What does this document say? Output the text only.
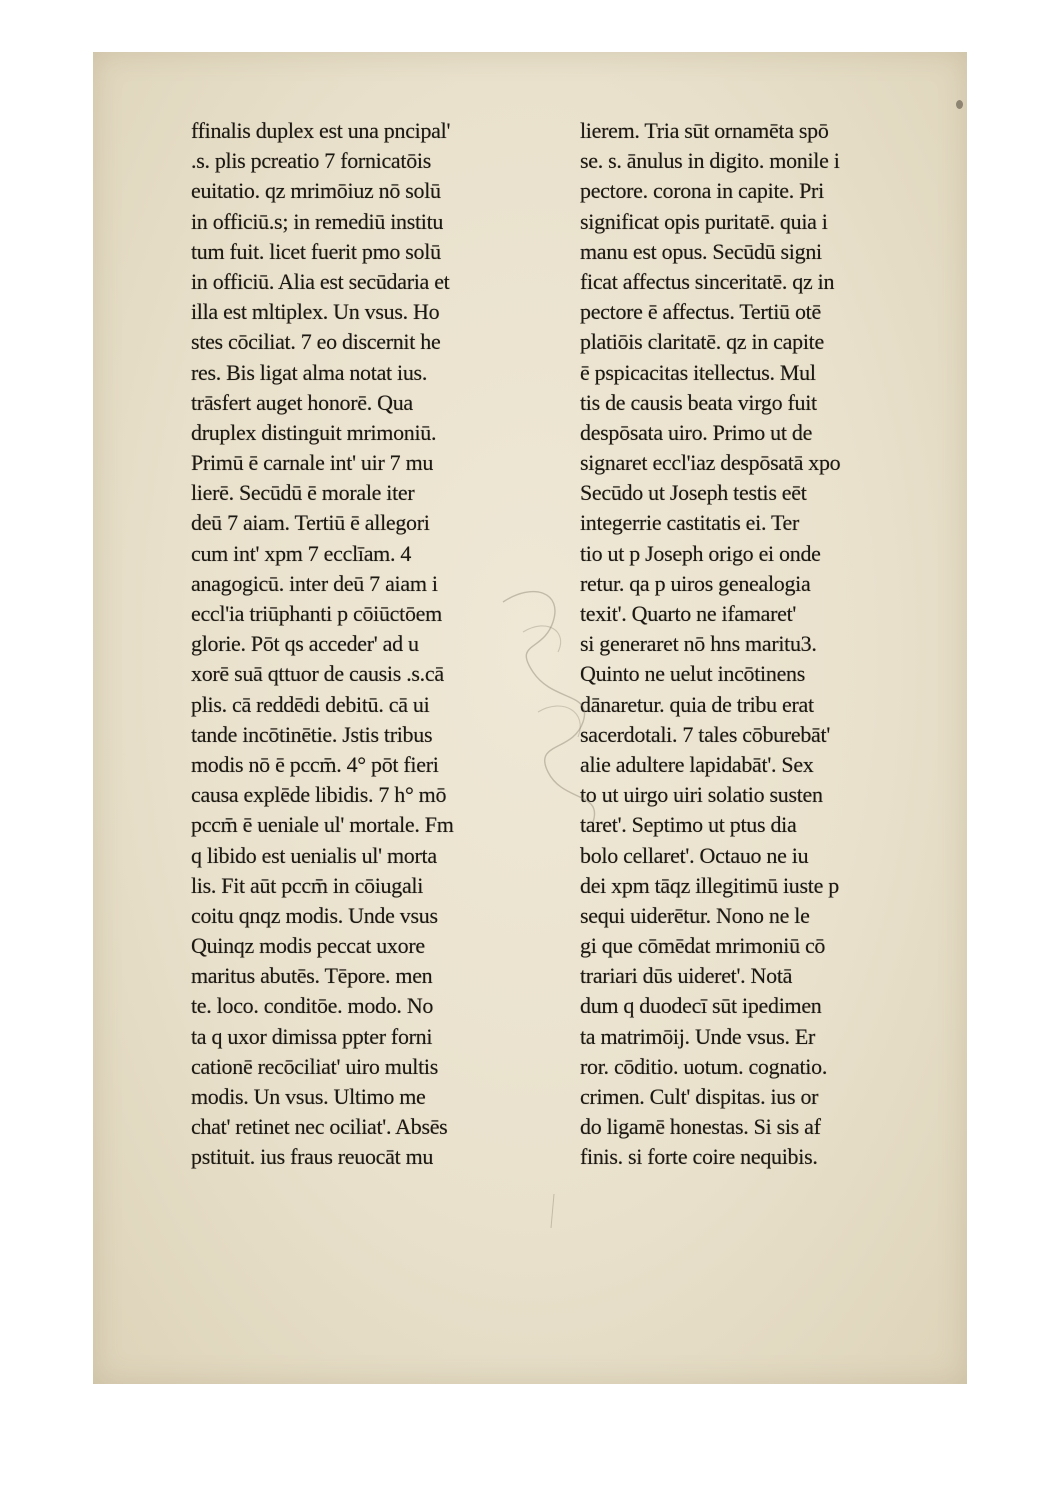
ffinalis duplex est una pncipal'
.s. plis pcreatio 7 fornicatōis
euitatio. qz mrimōiuz nō solū
in officiū.s; in remediū institu
tum fuit. licet fuerit pmo solū
in officiū. Alia est secūdaria et
illa est mltiplex. Un vsus. Ho
stes cōciliat. 7 eo discernit he
res. Bis ligat alma notat ius.
trāsfert auget honorē. Qua
druplex distinguit mrimoniū.
Primū ē carnale int' uir 7 mu
lierē. Secūdū ē morale iter
deū 7 aiam. Tertiū ē allegori
cum int' xpm 7 ecclīam. 4
anagogicū. inter deū 7 aiam i
eccl'ia triūphanti p cōiūctōem
glorie. Pōt qs acceder' ad u
xorē suā qttuor de causis .s.cā
plis. cā reddēdi debitū. cā ui
tande incōtinētie. Jstis tribus
modis nō ē pccm̄. 4° pōt fieri
causa explēde libidis. 7 h° mō
pccm̄ ē ueniale ul' mortale. Fm
q libido est uenialis ul' morta
lis. Fit aūt pccm̄ in cōiugali
coitu qnqz modis. Unde vsus
Quinqz modis peccat uxore
maritus abutēs. Tēpore. men
te. loco. conditōe. modo. No
ta q uxor dimissa ppter forni
cationē recōciliat' uiro multis
modis. Un vsus. Ultimo me
chat' retinet nec ociliat'. Absēs
pstituit. ius fraus reuocāt mu
lierem. Tria sūt ornamēta spō
se. s. ānulus in digito. monile i
pectore. corona in capite. Pri
significat opis puritatē. quia i
manu est opus. Secūdū signi
ficat affectus sinceritatē. qz in
pectore ē affectus. Tertiū otē
platiōis claritatē. qz in capite
ē pspicacitas itellectus. Mul
tis de causis beata virgo fuit
despōsata uiro. Primo ut de
signaret eccl'iaz despōsatā xpo
Secūdo ut Joseph testis eēt
integerrie castitatis ei. Ter
tio ut p Joseph origo ei onde
retur. qa p uiros genealogia
texit'. Quarto ne ifamaret'
si generaret nō hns maritu3.
Quinto ne uelut incōtinens
dānaretur. quia de tribu erat
sacerdotali. 7 tales cōburebāt'
alie adultere lapidabāt'. Sex
to ut uirgo uiri solatio susten
taret'. Septimo ut ptus dia
bolo cellaret'. Octauo ne iu
dei xpm tāqz illegitimū iuste p
sequi uiderētur. Nono ne le
gi que cōmēdat mrimoniū cō
trariari dūs uideret'. Notā
dum q duodecī sūt ipedimen
ta matrimōij. Unde vsus. Er
ror. cōditio. uotum. cognatio.
crimen. Cult' dispitas. ius or
do ligamē honestas. Si sis af
finis. si forte coire nequibis.
